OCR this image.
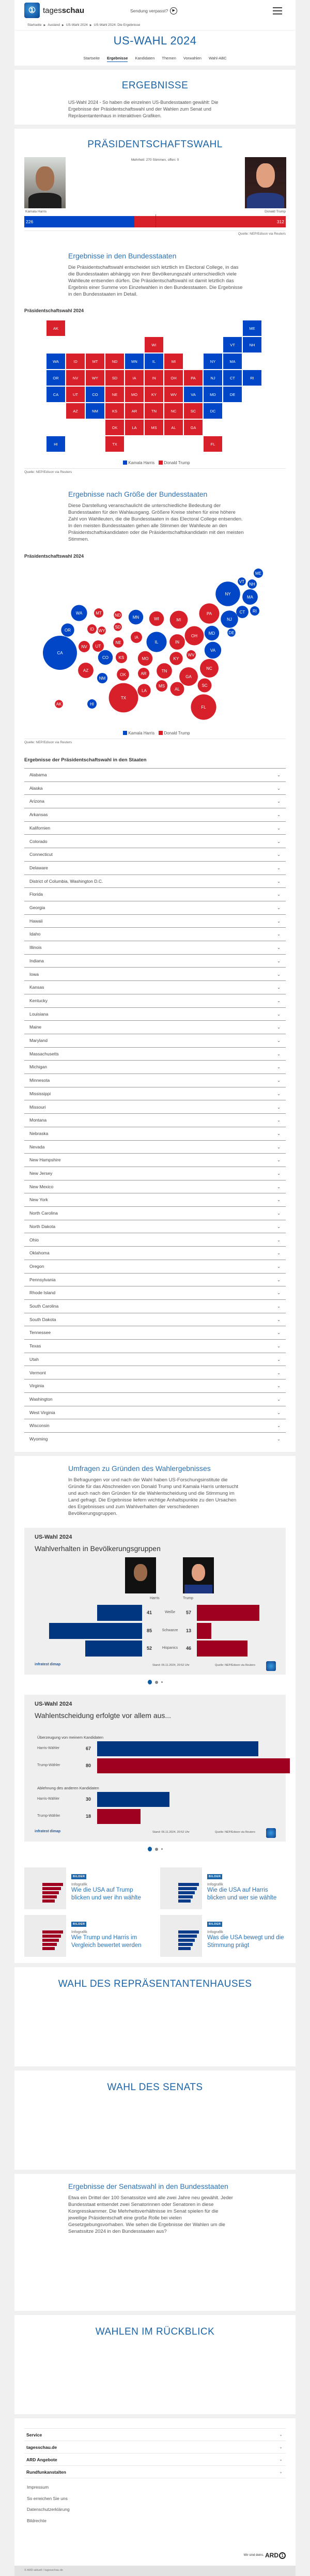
① tagesschau	Sendung verpasst?	▶
Startseite ▶ Ausland ▶ US-Wahl 2024 ▶ US-Wahl 2024: Die Ergebnisse
US-WAHL 2024
Startseite Ergebnisse Kandidaten Themen Vorwahlen Wahl-ABC
ERGEBNISSE
US-Wahl 2024 - So haben die einzelnen US-Bundesstaaten gewählt: Die Ergebnisse der Präsidentschaftswahl und der Wahlen zum Senat und Repräsentantenhaus in interaktiven Grafiken.
PRÄSIDENTSCHAFTSWAHL
Mehrheit: 270 Stimmen, offen: 0
Kamala Harris	Donald Trump
226	312
Quelle: NEP/Edison via Reuters
Ergebnisse in den Bundesstaaten
Die Präsidentschaftswahl entscheidet sich letztlich im Electoral College, in das die Bundesstaaten abhängig von ihrer Bevölkerungszahl unterschiedlich viele Wahlleute entsenden dürfen. Die Präsidentschaftswahl ist damit letztlich das Ergebnis einer Summe von Einzelwahlen in den Bundesstaaten. Die Ergebnisse in den Bundesstaaten im Detail.
Präsidentschaftswahl 2024
AK
HI
WA
OR
CA
ID
NV
MT
WY
UT
AZ
CO
NM
ND
SD
NE
KS
OK
TX
MN
IA
MO
AR
LA
WI
IL
MS
TN
AL
MI
IN
KY
GA
OH
WV
FL
SC
NC
PA
VA	MD	DE
DC
NJ
NY
CT	RI
MA
VT	NH
ME
Kamala Harris Donald Trump
Quelle: NEP/Edison via Reuters
Ergebnisse nach Größe der Bundesstaaten
Diese Darstellung veranschaulicht die unterschiedliche Bedeutung der Bundesstaaten für den Wahlausgang. Größere Kreise stehen für eine höhere Zahl von Wahlleuten, die die Bundesstaaten in das Electoral College entsenden. In den meisten Bundesstaaten gehen alle Stimmen der Wahlleute an den Präsidentschaftskandidaten oder die Präsidentschaftskandidatin mit den meisten Stimmen.
Präsidentschaftswahl 2024
CA
WA
OR
MT
ID WY
NV UT
AZ
CO
NM
ND
SD
NE
KS
OK
TX
MN
IA
MO
AR
LA
WI
IL
MS
TN
AL
MI
IN
KY
GA
OH
WV
FL
SC
NC
PA
VA
MD	DE
NJ
NY
CT RI
MA
VT
NH
ME
AK	HI
Kamala Harris Donald Trump
Quelle: NEP/Edison via Reuters
Ergebnisse der Präsidentschaftswahl in den Staaten
Alabama	⌄
Alaska	⌄
Arizona	⌄
Arkansas	⌄
Kalifornien	⌄
Colorado	⌄
Connecticut	⌄
Delaware	⌄
District of Columbia, Washington D.C.	⌄
Florida	⌄
Georgia	⌄
Hawaii	⌄
Idaho	⌄
Illinois	⌄
Indiana	⌄
Iowa	⌄
Kansas	⌄
Kentucky	⌄
Louisiana	⌄
Maine	⌄
Maryland	⌄
Massachusetts	⌄
Michigan	⌄
Minnesota	⌄
Mississippi	⌄
Missouri	⌄
Montana	⌄
Nebraska	⌄
Nevada	⌄
New Hampshire	⌄
New Jersey	⌄
New Mexico	⌄
New York	⌄
North Carolina	⌄
North Dakota	⌄
Ohio	⌄
Oklahoma	⌄
Oregon	⌄
Pennsylvania	⌄
Rhode Island	⌄
South Carolina	⌄
South Dakota	⌄
Tennessee	⌄
Texas	⌄
Utah	⌄
Vermont	⌄
Virginia	⌄
Washington	⌄
West Virginia	⌄
Wisconsin	⌄
Wyoming	⌄
Umfragen zu Gründen des Wahlergebnisses
In Befragungen vor und nach der Wahl haben US-Forschungsinstitute die Gründe für das Abschneiden von Donald Trump und Kamala Harris untersucht und auch nach den Gründen für die Wahlentscheidung und die Stimmung im Land gefragt. Die Ergebnisse liefern wichtige Anhaltspunkte zu den Ursachen des Ergebnisses und zum Wahlverhalten der verschiedenen Bevölkerungsgruppen.
US-Wahl 2024
Wahlverhalten in Bevölkerungsgruppen
Harris	Trump
infratest dimap	Stand: 06.11.2024, 20:52 Uhr	Quelle: NEP/Edison via Reuters
41	Weiße	57
85	Schwarze	13
52	Hispanics	46
US-Wahl 2024
Wahlentscheidung erfolgte vor allem aus...
infratest dimap	Stand: 06.11.2024, 20:52 Uhr	Quelle: NEP/Edison via Reuters
Überzeugung von meinem Kandidaten
Harris-Wähler	67
Trump-Wähler	80
Ablehnung des anderen Kandidaten
Harris-Wähler	30
Trump-Wähler	18
BILDER
Infografik
Wie die USA auf Trump blicken und wer ihn wählte
BILDER
Infografik
Wie die USA auf Harris blicken und wer sie wählte
BILDER
Infografik
Wie Trump und Harris im Vergleich bewertet werden
BILDER
Infografik
Was die USA bewegt und die Stimmung prägt
WAHL DES REPRÄSENTANTENHAUSES
WAHL DES SENATS
Ergebnisse der Senatswahl in den Bundesstaaten
Etwa ein Drittel der 100 Senatssitze wird alle zwei Jahre neu gewählt. Jeder Bundesstaat entsendet zwei Senatorinnen oder Senatoren in diese Kongresskammer. Die Mehrheitsverhältnisse im Senat spielen für die jeweilige Präsidentschaft eine große Rolle bei vielen Gesetzgebungsvorhaben. Wie sehen die Ergebnisse der Wahlen um die Senatssitze 2024 in den Bundesstaaten aus?
WAHLEN IM RÜCKBLICK
Wir sind deins. ARD 1
© ARD-aktuell / tagesschau.de
Service	⌄
tagesschau.de	⌄
ARD Angebote	⌄
Rundfunkanstalten	⌄
Impressum
So erreichen Sie uns
Datenschutzerklärung
Bildrechte
